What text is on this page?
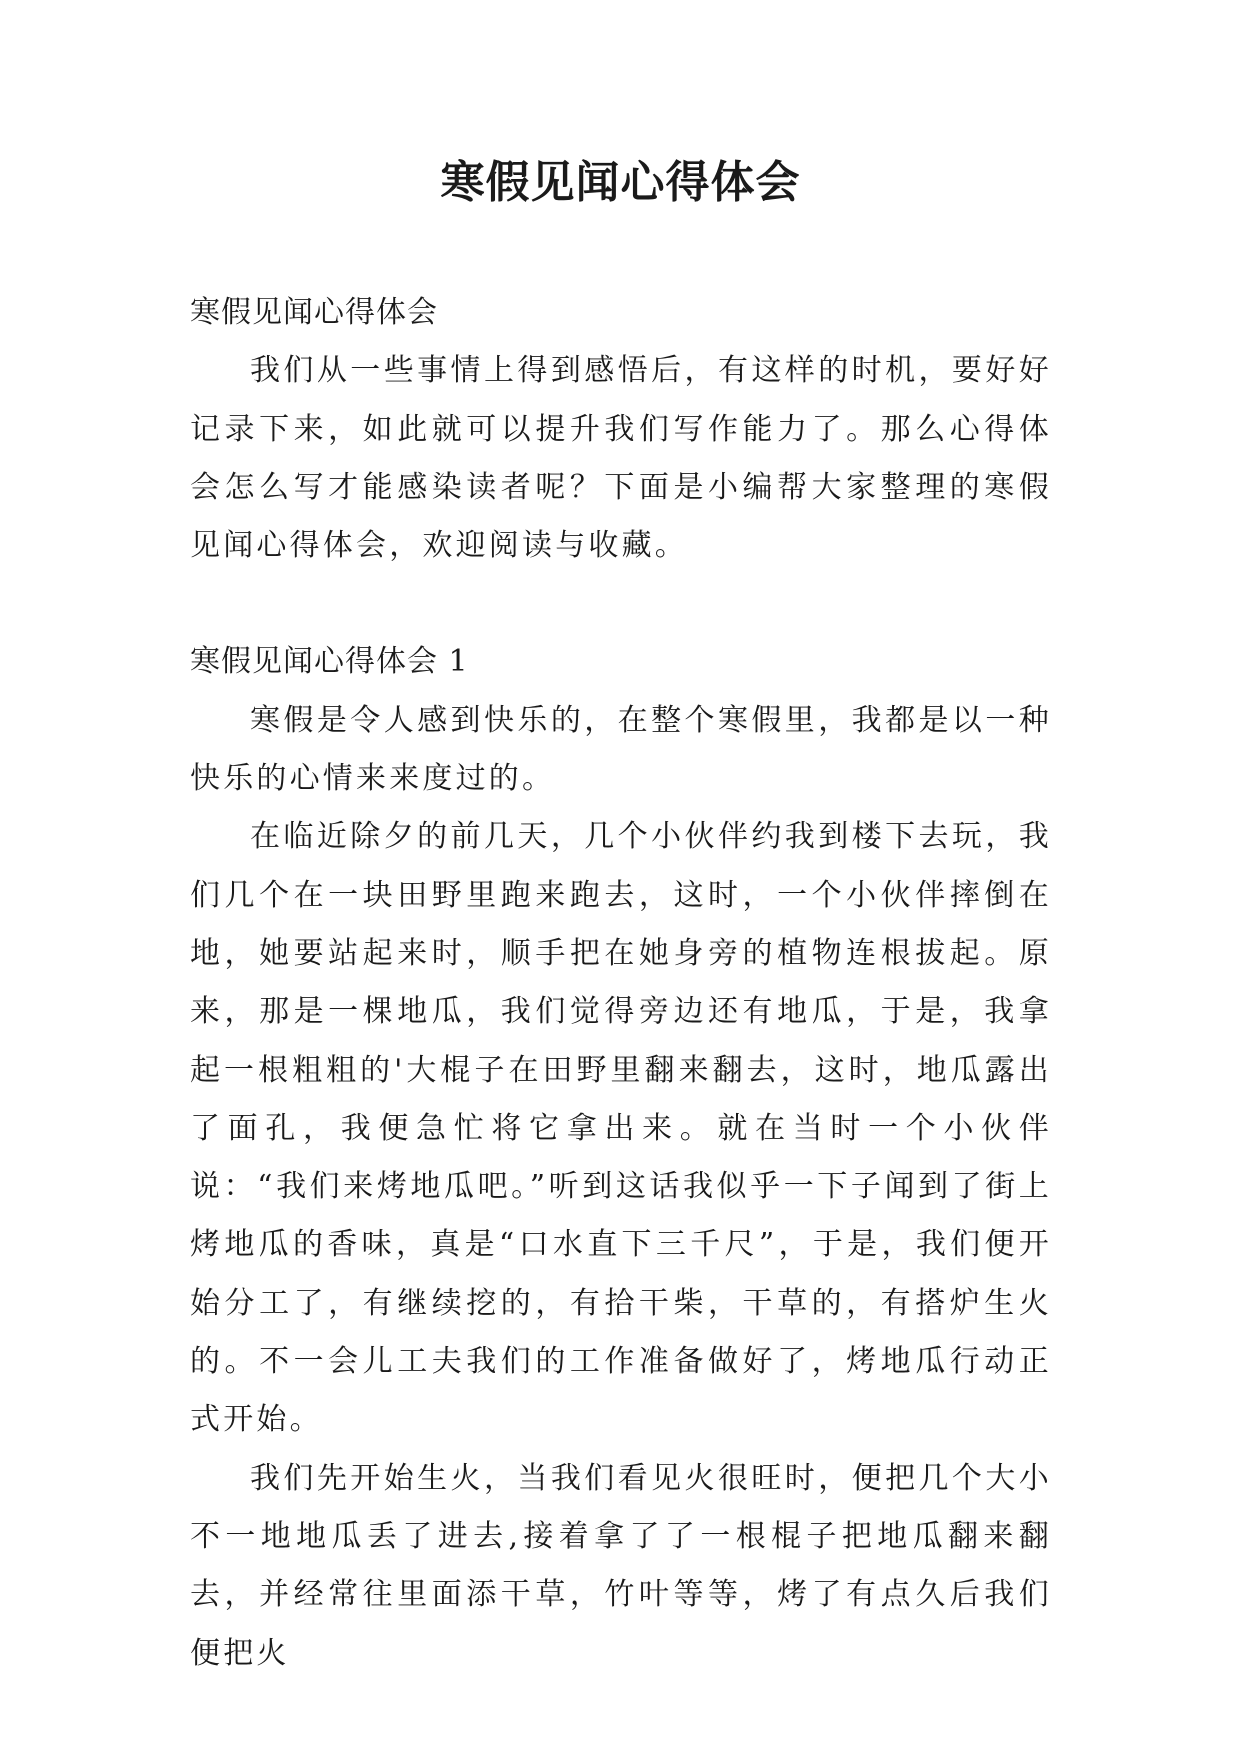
寒假见闻心得体会

寒假见闻心得体会

我们从一些事情上得到感悟后，有这样的时机，要好好记录下来，如此就可以提升我们写作能力了。那么心得体会怎么写才能感染读者呢？下面是小编帮大家整理的寒假见闻心得体会，欢迎阅读与收藏。

寒假见闻心得体会 1

寒假是令人感到快乐的，在整个寒假里，我都是以一种快乐的心情来来度过的。

在临近除夕的前几天，几个小伙伴约我到楼下去玩，我们几个在一块田野里跑来跑去，这时，一个小伙伴摔倒在地，她要站起来时，顺手把在她身旁的植物连根拔起。原来，那是一棵地瓜，我们觉得旁边还有地瓜，于是，我拿起一根粗粗的'大棍子在田野里翻来翻去，这时，地瓜露出了面孔，我便急忙将它拿出来。就在当时一个小伙伴说：“我们来烤地瓜吧。”听到这话我似乎一下子闻到了街上烤地瓜的香味，真是“口水直下三千尺”，于是，我们便开始分工了，有继续挖的，有拾干柴，干草的，有搭炉生火的。不一会儿工夫我们的工作准备做好了，烤地瓜行动正式开始。

我们先开始生火，当我们看见火很旺时，便把几个大小不一地地瓜丢了进去,接着拿了了一根棍子把地瓜翻来翻去，并经常往里面添干草，竹叶等等，烤了有点久后我们便把火
